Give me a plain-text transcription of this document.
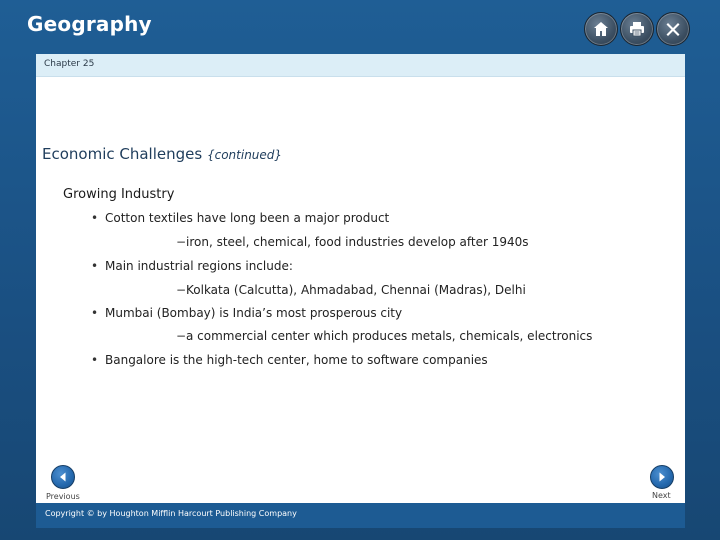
Geography
Chapter 25
Economic Challenges {continued}
Growing Industry
• Cotton textiles have long been a major product
− iron, steel, chemical, food industries develop after 1940s
• Main industrial regions include:
− Kolkata (Calcutta), Ahmadabad, Chennai (Madras), Delhi
• Mumbai (Bombay) is India’s most prosperous city
− a commercial center which produces metals, chemicals, electronics
• Bangalore is the high-tech center, home to software companies
Previous	Next
Copyright © by Houghton Mifflin Harcourt Publishing Company
